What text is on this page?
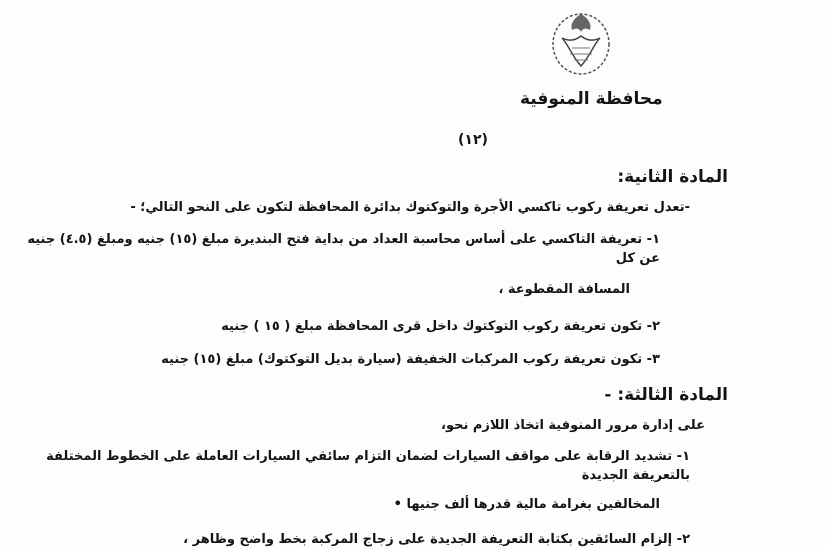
محافظة المنوفية
(١٢)
المادة الثانية:
-تعدل تعريفة ركوب تاكسي الأجرة والتوكتوك بدائرة المحافظة لتكون على النحو التالي؛ -
١- تعريفة التاكسي على أساس محاسبة العداد من بداية فتح البنديرة مبلغ (١٥) جنيه ومبلغ (٤.٥) جنيه عن كل
المسافة المقطوعة ،
٢- تكون تعريفة ركوب التوكتوك داخل قرى المحافظة مبلغ ( ١٥ ) جنيه
٣- تكون تعريفة ركوب المركبات الخفيفة (سيارة بديل التوكتوك) مبلغ (١٥) جنيه
المادة الثالثة: -
على إدارة مرور المنوفية اتخاذ اللازم نحو،
١- تشديد الرقابة على مواقف السيارات لضمان التزام سائقي السيارات العاملة على الخطوط المختلفة بالتعريفة الجديدة
المخالفين بغرامة مالية قدرها ألف جنيها •
٢- إلزام السائقين بكتابة التعريفة الجديدة على زجاج المركبة بخط واضح وظاهر ،
